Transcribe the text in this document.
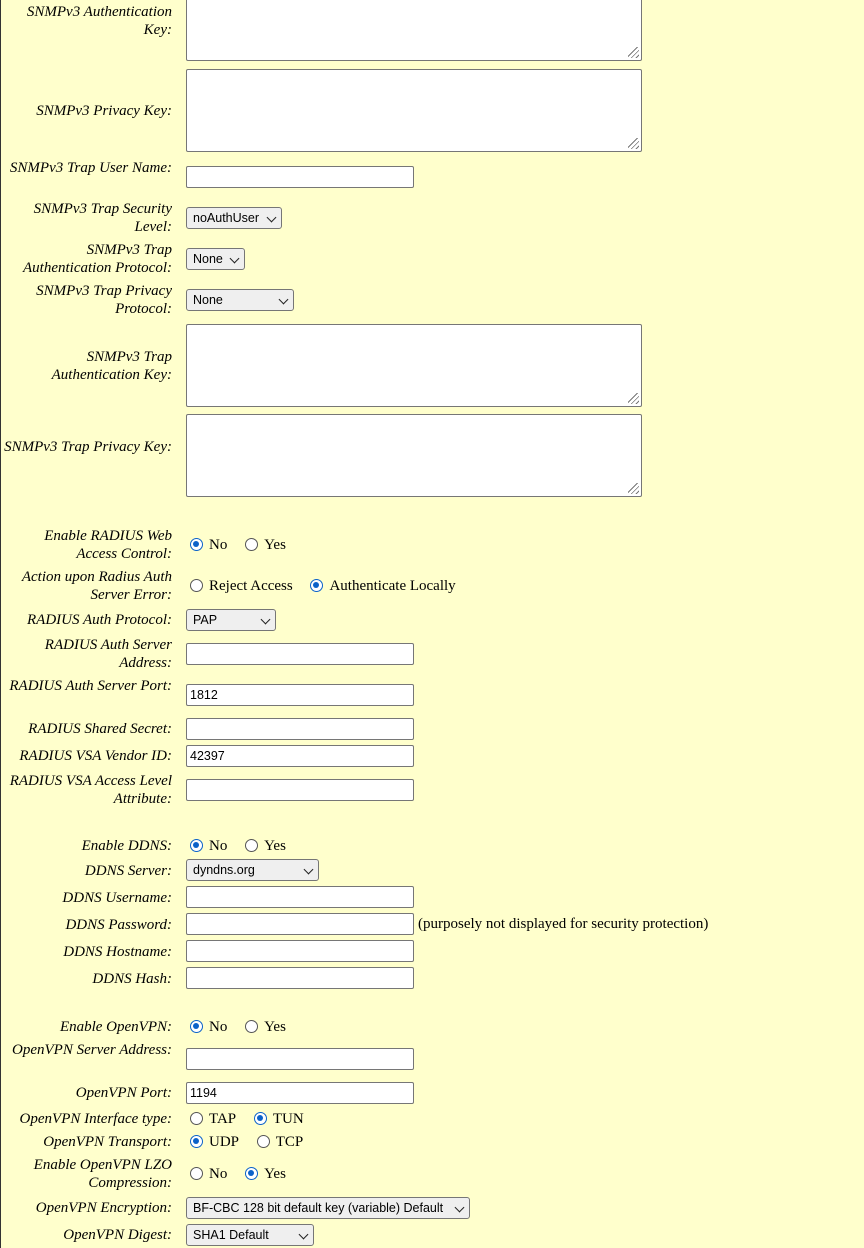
SNMPv3 Authentication Key:
SNMPv3 Privacy Key:
SNMPv3 Trap User Name:
SNMPv3 Trap Security Level:
noAuthUser
SNMPv3 Trap Authentication Protocol:
None
SNMPv3 Trap Privacy Protocol:
None
SNMPv3 Trap Authentication Key:
SNMPv3 Trap Privacy Key:
Enable RADIUS Web Access Control:
No Yes
Action upon Radius Auth Server Error:
Reject Access Authenticate Locally
RADIUS Auth Protocol:	PAP
RADIUS Auth Server Address:
RADIUS Auth Server Port:
1812
RADIUS Shared Secret:
RADIUS VSA Vendor ID:	42397
RADIUS VSA Access Level Attribute:
Enable DDNS:	No Yes
DDNS Server:	dyndns.org
DDNS Username:
DDNS Password:	(purposely not displayed for security protection)
DDNS Hostname:
DDNS Hash:
Enable OpenVPN:	No Yes
OpenVPN Server Address:
OpenVPN Port:	1194
OpenVPN Interface type:	TAP TUN
OpenVPN Transport:	UDP TCP
Enable OpenVPN LZO Compression:
No Yes
OpenVPN Encryption:	BF-CBC 128 bit default key (variable) Default
OpenVPN Digest:	SHA1 Default
